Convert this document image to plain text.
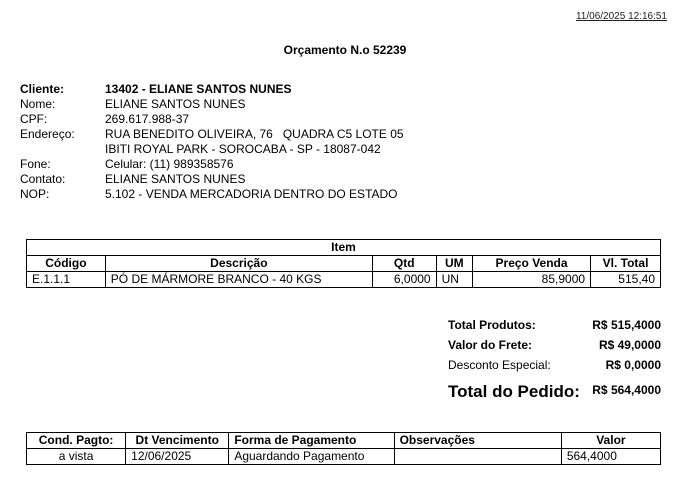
11/06/2025 12:16:51
Orçamento N.o 52239
Cliente:	13402 - ELIANE SANTOS NUNES
Nome:	ELIANE SANTOS NUNES
CPF:	269.617.988-37
Endereço:	RUA BENEDITO OLIVEIRA, 76   QUADRA C5 LOTE 05
IBITI ROYAL PARK - SOROCABA - SP - 18087-042
Fone:	Celular: (11) 989358576
Contato:	ELIANE SANTOS NUNES
NOP:	5.102 - VENDA MERCADORIA DENTRO DO ESTADO
Item					
Código	Descrição	Qtd	UM	Preço Venda	Vl. Total
E.1.1.1	PÓ DE MÁRMORE BRANCO - 40 KGS	6,0000	UN	85,9000	515,40
Total Produtos:	R$ 515,4000
Valor do Frete:	R$ 49,0000
Desconto Especial:	R$ 0,0000
Total do Pedido: R$ 564,4000
Cond. Pagto:	Dt Vencimento	Forma de Pagamento	Observações	Valor
a vista	12/06/2025	Aguardando Pagamento		564,4000
